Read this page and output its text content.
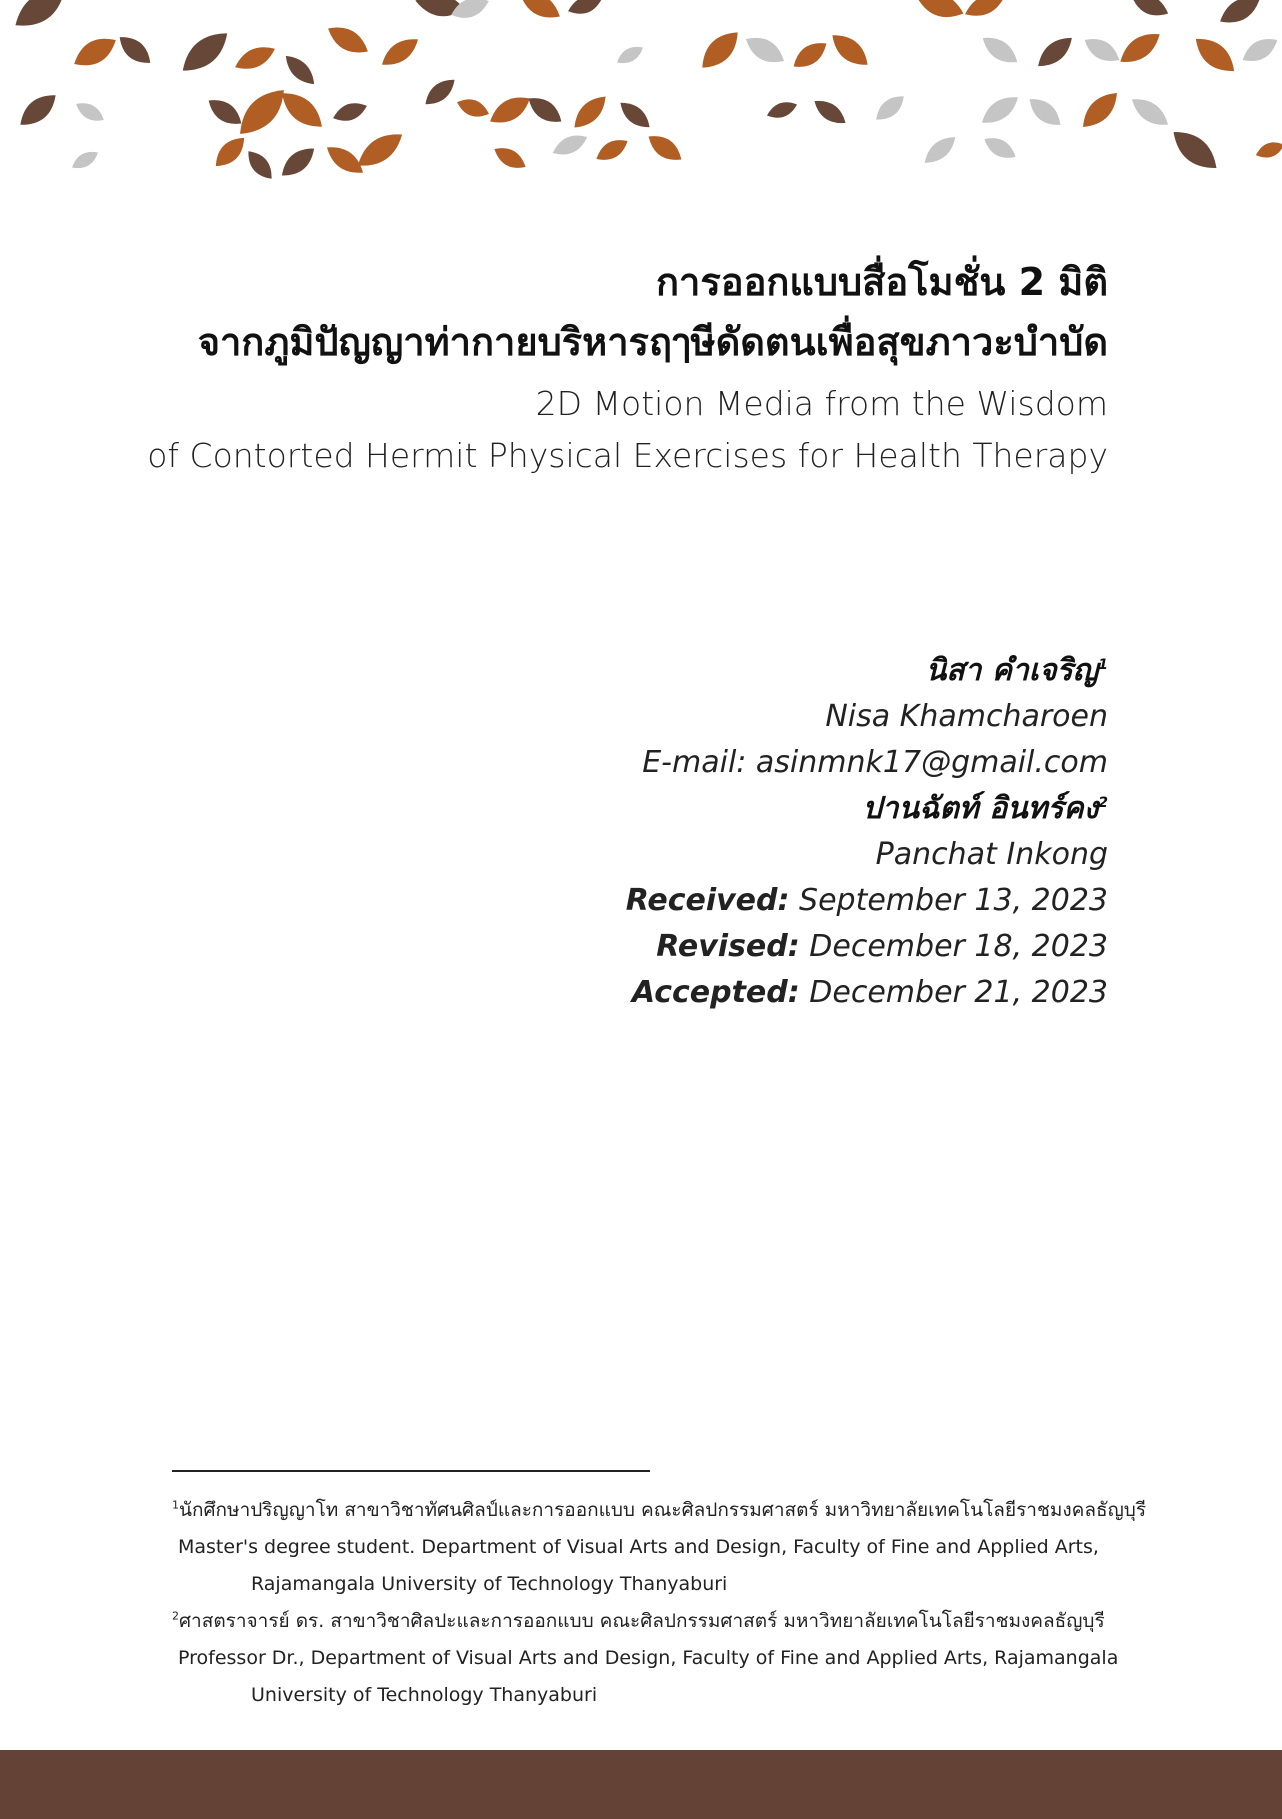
การออกแบบสื่อโมชั่น 2 มิติ

จากภูมิปัญญาท่ากายบริหารฤๅษีดัดตนเพื่อสุขภาวะบำบัด

2D Motion Media from the Wisdom

of Contorted Hermit Physical Exercises for Health Therapy

นิสา คำเจริญ$^1$

Nisa Khamcharoen

E-mail: asinmnk17@gmail.com

ปานฉัตท์ อินทร์คง$^2$

Panchat Inkong

Received: September 13, 2023

Revised: December 18, 2023

Accepted: December 21, 2023

$^1$นักศึกษาปริญญาโท สาขาวิชาทัศนศิลป์และการออกแบบ คณะศิลปกรรมศาสตร์ มหาวิทยาลัยเทคโนโลยีราชมงคลธัญบุรี

Master's degree student. Department of Visual Arts and Design, Faculty of Fine and Applied Arts,

Rajamangala University of Technology Thanyaburi

$^2$ศาสตราจารย์ ดร. สาขาวิชาศิลปะและการออกแบบ คณะศิลปกรรมศาสตร์ มหาวิทยาลัยเทคโนโลยีราชมงคลธัญบุรี

Professor Dr., Department of Visual Arts and Design, Faculty of Fine and Applied Arts, Rajamangala

University of Technology Thanyaburi
